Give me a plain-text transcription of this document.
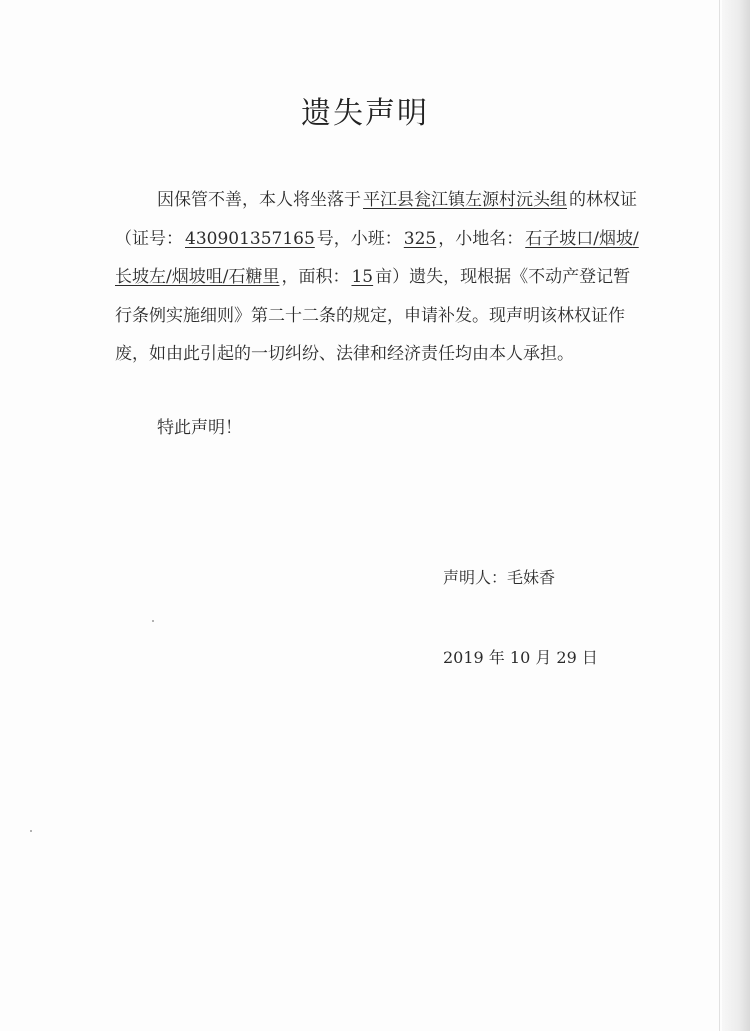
遗失声明

因保管不善，本人将坐落于 平江县瓮江镇左源村沅头组 的林权证（证号： 430901357165 号，小班： 325 ，小地名： 石子坡口/烟坡/长坡左/烟坡咀/石糖里 ，面积： 15 亩）遗失，现根据《不动产登记暂行条例实施细则》第二十二条的规定，申请补发。现声明该林权证作废，如由此引起的一切纠纷、法律和经济责任均由本人承担。

特此声明！
声明人：毛妹香
2019 年 10 月 29 日
